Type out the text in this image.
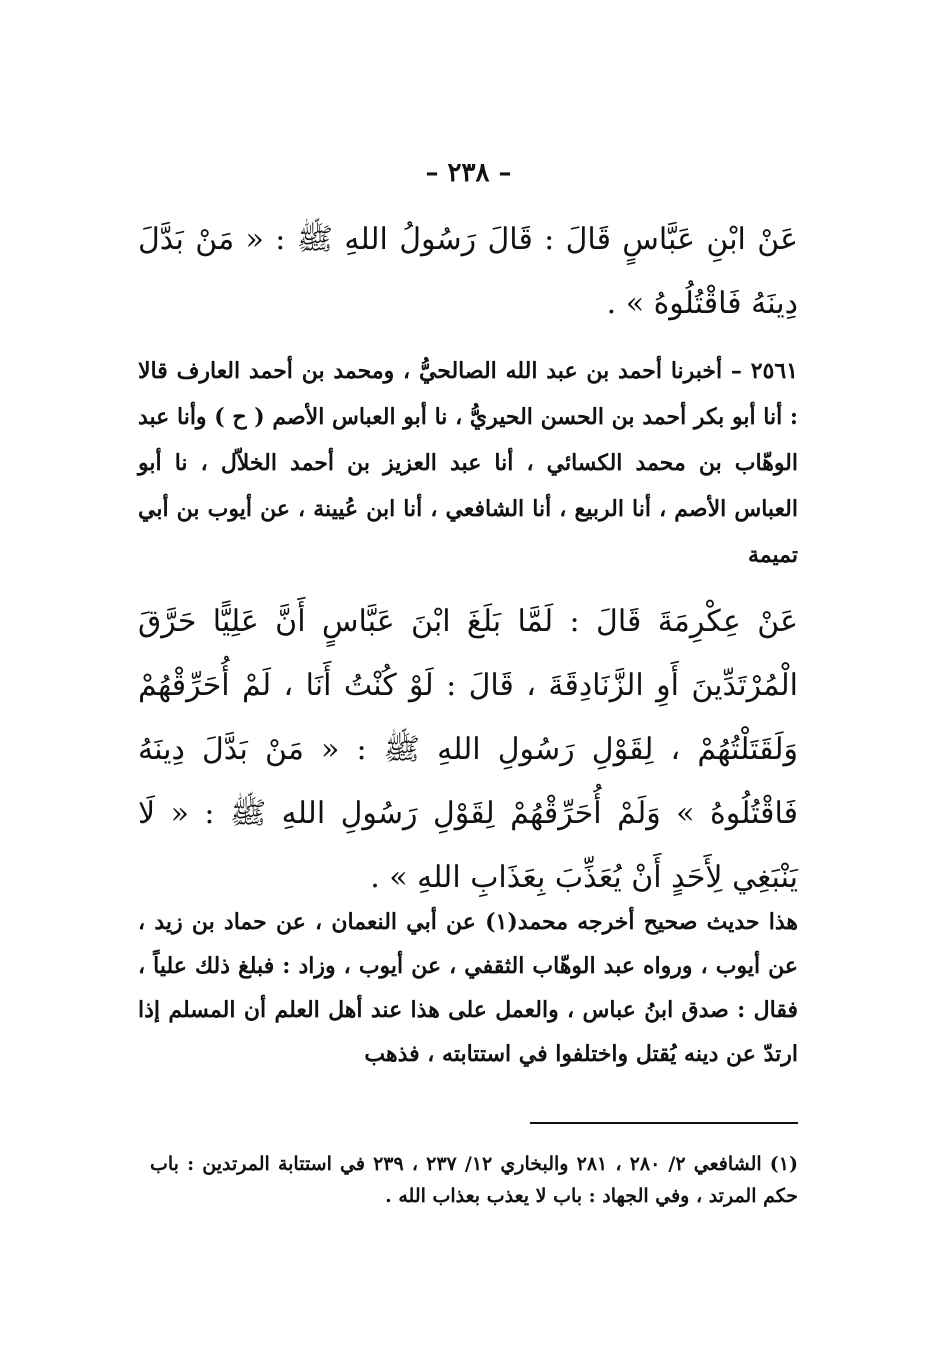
– ٢٣٨ –
عَنْ ابْنِ عَبَّاسٍ قَالَ : قَالَ رَسُولُ اللهِ ﷺ : « مَنْ بَدَّلَ دِينَهُ فَاقْتُلُوهُ » .
٢٥٦١ – أخبرنا أحمد بن عبد الله الصالحيُّ ، ومحمد بن أحمد العارف قالا : أنا أبو بكر أحمد بن الحسن الحيريُّ ، نا أبو العباس الأصم ( ح ) وأنا عبد الوهّاب بن محمد الكسائي ، أنا عبد العزيز بن أحمد الخلاّل ، نا أبو العباس الأصم ، أنا الربيع ، أنا الشافعي ، أنا ابن عُيينة ، عن أيوب بن أبي تميمة
عَنْ عِكْرِمَةَ قَالَ : لَمَّا بَلَغَ ابْنَ عَبَّاسٍ أَنَّ عَلِيًّا حَرَّقَ الْمُرْتَدِّينَ أَوِ الزَّنَادِقَةَ ، قَالَ : لَوْ كُنْتُ أَنَا ، لَمْ أُحَرِّقْهُمْ وَلَقَتَلْتُهُمْ ، لِقَوْلِ رَسُولِ اللهِ ﷺ : « مَنْ بَدَّلَ دِينَهُ فَاقْتُلُوهُ » وَلَمْ أُحَرِّقْهُمْ لِقَوْلِ رَسُولِ اللهِ ﷺ : « لَا يَنْبَغِي لِأَحَدٍ أَنْ يُعَذِّبَ بِعَذَابِ اللهِ » .
هذا حديث صحيح أخرجه محمد(١) عن أبي النعمان ، عن حماد بن زيد ، عن أيوب ، ورواه عبد الوهّاب الثقفي ، عن أيوب ، وزاد : فبلغ ذلك علياً ، فقال : صدق ابنُ عباس ، والعمل على هذا عند أهل العلم أن المسلم إذا ارتدّ عن دينه يُقتل واختلفوا في استتابته ، فذهب
(١) الشافعي ٢/ ٢٨٠ ، ٢٨١ والبخاري ١٢/ ٢٣٧ ، ٢٣٩ في استتابة المرتدين : باب حكم المرتد ، وفي الجهاد : باب لا يعذب بعذاب الله .
